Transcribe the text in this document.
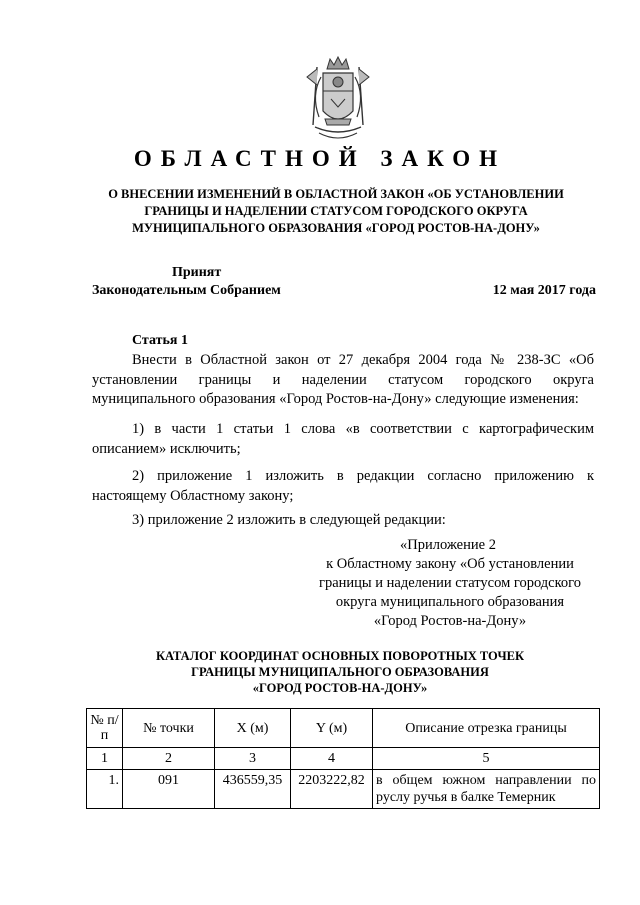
ОБЛАСТНОЙ ЗАКОН
О ВНЕСЕНИИ ИЗМЕНЕНИЙ В ОБЛАСТНОЙ ЗАКОН «ОБ УСТАНОВЛЕНИИ
ГРАНИЦЫ И НАДЕЛЕНИИ СТАТУСОМ ГОРОДСКОГО ОКРУГА
МУНИЦИПАЛЬНОГО ОБРАЗОВАНИЯ «ГОРОД РОСТОВ-НА-ДОНУ»
Принят
Законодательным Собранием	12 мая 2017 года
Статья 1
Внести в Областной закон от 27 декабря 2004 года № 238-ЗС «Об установлении границы и наделении статусом городского округа муниципального образования «Город Ростов-на-Дону» следующие изменения:
1) в части 1 статьи 1 слова «в соответствии с картографическим описанием» исключить;
2) приложение 1 изложить в редакции согласно приложению к настоящему Областному закону;
3) приложение 2 изложить в следующей редакции:
«Приложение 2
к Областному закону «Об установлении
границы и наделении статусом городского
округа муниципального образования
«Город Ростов-на-Дону»
КАТАЛОГ КООРДИНАТ ОСНОВНЫХ ПОВОРОТНЫХ ТОЧЕК
ГРАНИЦЫ МУНИЦИПАЛЬНОГО ОБРАЗОВАНИЯ
«ГОРОД РОСТОВ-НА-ДОНУ»
№ п/п	№ точки	X (м)	Y (м)	Описание отрезка границы
1	2	3	4	5
1.	091	436559,35	2203222,82	в общем южном направлении по руслу ручья в балке Темерник
